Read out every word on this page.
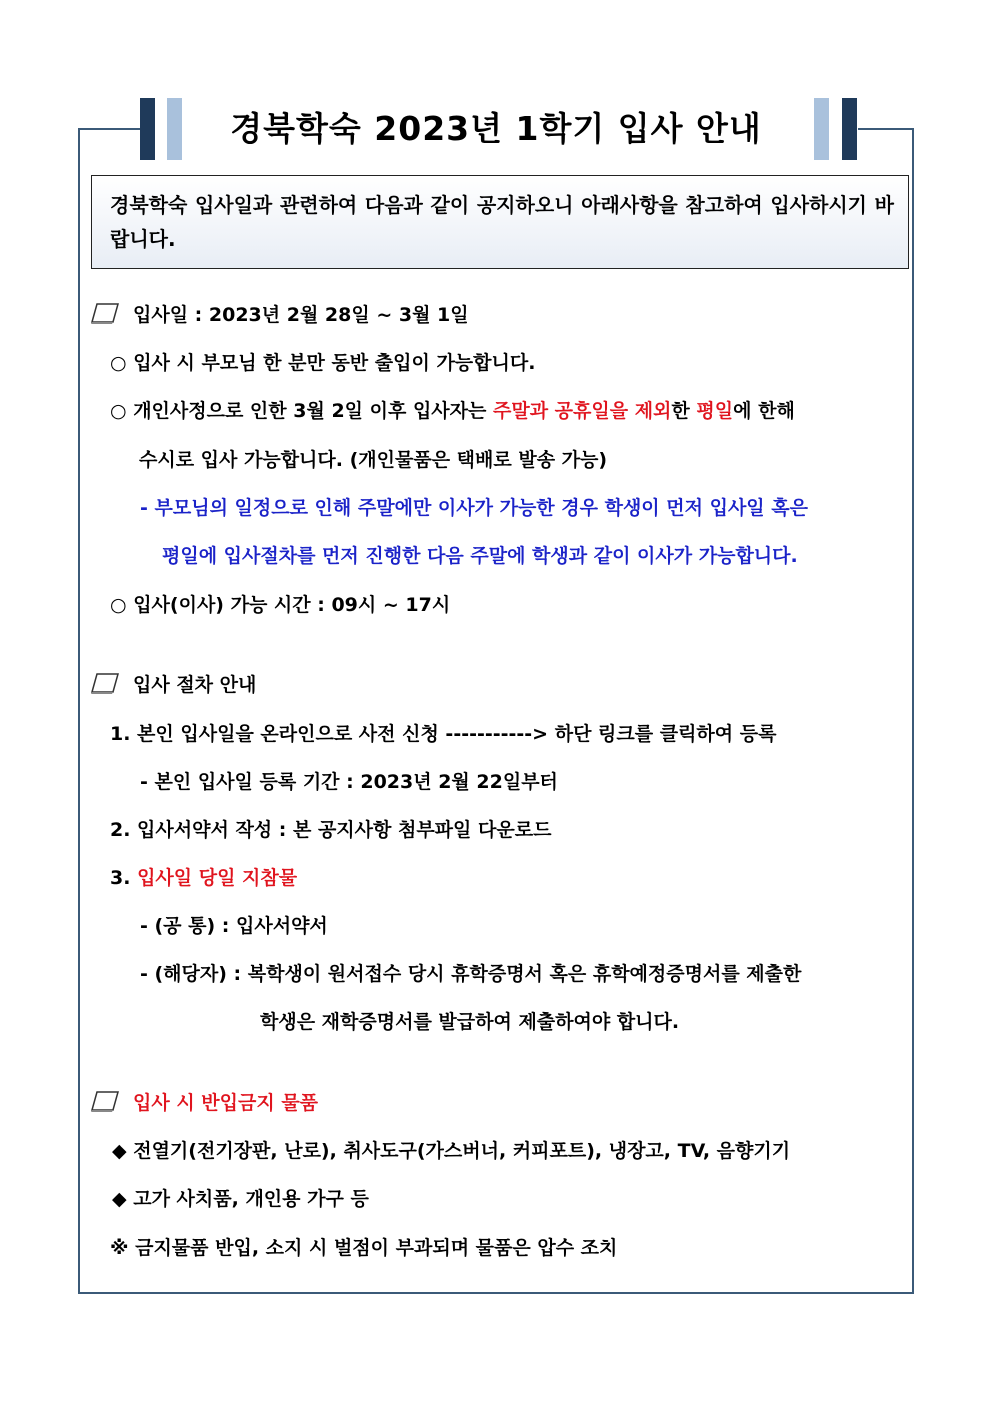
경북학숙 2023년 1학기 입사 안내
경북학숙 입사일과 관련하여 다음과 같이 공지하오니 아래사항을 참고하여 입사하시기 바랍니다.
입사일 : 2023년 2월 28일 ~ 3월 1일
○ 입사 시 부모님 한 분만 동반 출입이 가능합니다.
○ 개인사정으로 인한 3월 2일 이후 입사자는 주말과 공휴일을 제외한 평일에 한해
수시로 입사 가능합니다. (개인물품은 택배로 발송 가능)
- 부모님의 일정으로 인해 주말에만 이사가 가능한 경우 학생이 먼저 입사일 혹은
평일에 입사절차를 먼저 진행한 다음 주말에 학생과 같이 이사가 가능합니다.
○ 입사(이사) 가능 시간 : 09시 ~ 17시
입사 절차 안내
1. 본인 입사일을 온라인으로 사전 신청 -----------> 하단 링크를 클릭하여 등록
- 본인 입사일 등록 기간 : 2023년 2월 22일부터
2. 입사서약서 작성 : 본 공지사항 첨부파일 다운로드
3. 입사일 당일 지참물
- (공 통) : 입사서약서
- (해당자) : 복학생이 원서접수 당시 휴학증명서 혹은 휴학예정증명서를 제출한
학생은 재학증명서를 발급하여 제출하여야 합니다.
입사 시 반입금지 물품
◆ 전열기(전기장판, 난로), 취사도구(가스버너, 커피포트), 냉장고, TV, 음향기기
◆ 고가 사치품, 개인용 가구 등
※ 금지물품 반입, 소지 시 벌점이 부과되며 물품은 압수 조치
